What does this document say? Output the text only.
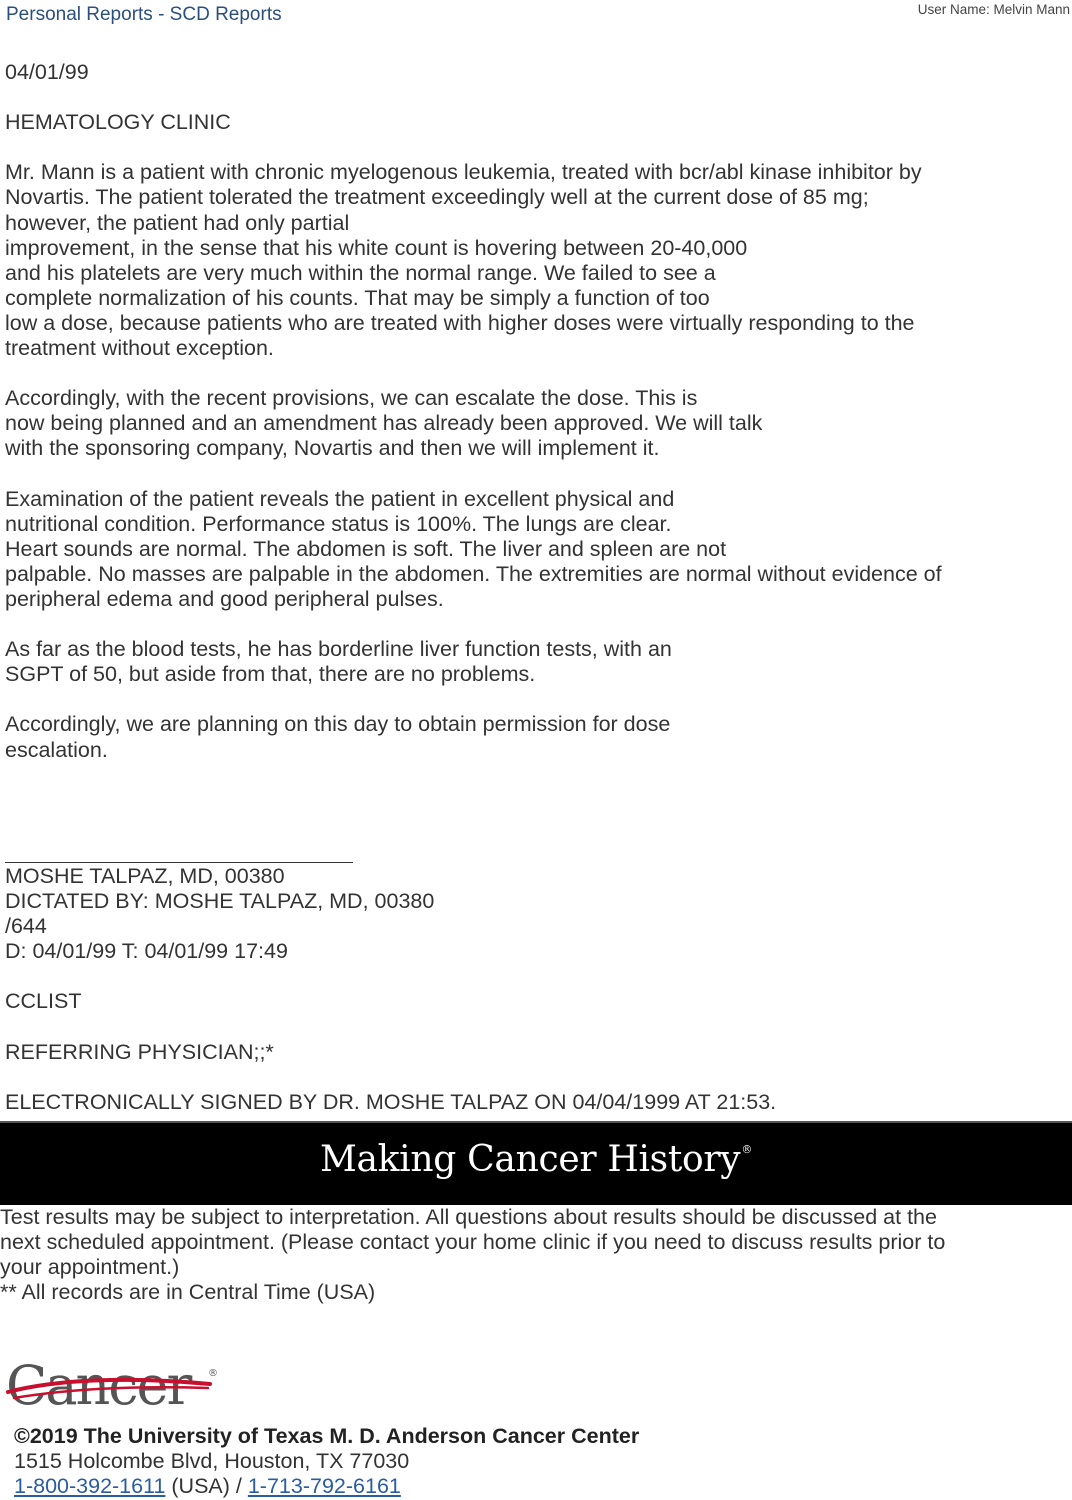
Personal Reports - SCD Reports	User Name: Melvin Mann
04/01/99
HEMATOLOGY CLINIC
Mr. Mann is a patient with chronic myelogenous leukemia, treated with bcr/abl kinase inhibitor by
Novartis. The patient tolerated the treatment exceedingly well at the current dose of 85 mg;
however, the patient had only partial
improvement, in the sense that his white count is hovering between 20-40,000
and his platelets are very much within the normal range. We failed to see a
complete normalization of his counts. That may be simply a function of too
low a dose, because patients who are treated with higher doses were virtually responding to the
treatment without exception.
Accordingly, with the recent provisions, we can escalate the dose. This is
now being planned and an amendment has already been approved. We will talk
with the sponsoring company, Novartis and then we will implement it.
Examination of the patient reveals the patient in excellent physical and
nutritional condition. Performance status is 100%. The lungs are clear.
Heart sounds are normal. The abdomen is soft. The liver and spleen are not
palpable. No masses are palpable in the abdomen. The extremities are normal without evidence of
peripheral edema and good peripheral pulses.
As far as the blood tests, he has borderline liver function tests, with an
SGPT of 50, but aside from that, there are no problems.
Accordingly, we are planning on this day to obtain permission for dose
escalation.
MOSHE TALPAZ, MD, 00380
DICTATED BY: MOSHE TALPAZ, MD, 00380
/644
D: 04/01/99 T: 04/01/99 17:49
CCLIST
REFERRING PHYSICIAN;;*
ELECTRONICALLY SIGNED BY DR. MOSHE TALPAZ ON 04/04/1999 AT 21:53.
Making Cancer History®
Test results may be subject to interpretation. All questions about results should be discussed at the
next scheduled appointment. (Please contact your home clinic if you need to discuss results prior to
your appointment.)
** All records are in Central Time (USA)
Cancer ®
©2019 The University of Texas M. D. Anderson Cancer Center
1515 Holcombe Blvd, Houston, TX 77030
1-800-392-1611 (USA) / 1-713-792-6161
